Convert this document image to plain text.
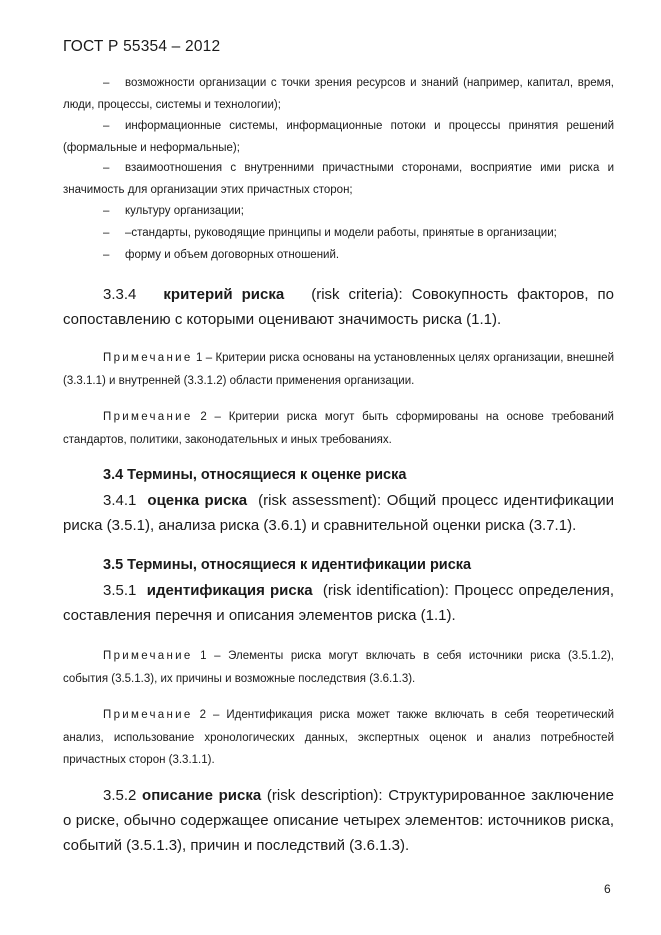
ГОСТ Р 55354 – 2012
– возможности организации с точки зрения ресурсов и знаний (например, капитал, время, люди, процессы, системы и технологии);
– информационные системы, информационные потоки и процессы принятия решений (формальные и неформальные);
– взаимоотношения с внутренними причастными сторонами, восприятие ими риска и значимость для организации этих причастных сторон;
– культуру организации;
– –стандарты, руководящие принципы и модели работы, принятые в организации;
– форму и объем договорных отношений.
3.3.4 критерий риска (risk criteria): Совокупность факторов, по сопоставлению с которыми оценивают значимость риска (1.1).
Примечание 1 – Критерии риска основаны на установленных целях организации, внешней (3.3.1.1) и внутренней (3.3.1.2) области применения организации.
Примечание 2 – Критерии риска могут быть сформированы на основе требований стандартов, политики, законодательных и иных требованиях.
3.4 Термины, относящиеся к оценке риска
3.4.1 оценка риска (risk assessment): Общий процесс идентификации риска (3.5.1), анализа риска (3.6.1) и сравнительной оценки риска (3.7.1).
3.5 Термины, относящиеся к идентификации риска
3.5.1 идентификация риска (risk identification): Процесс определения, составления перечня и описания элементов риска (1.1).
Примечание 1 – Элементы риска могут включать в себя источники риска (3.5.1.2), события (3.5.1.3), их причины и возможные последствия (3.6.1.3).
Примечание 2 – Идентификация риска может также включать в себя теоретический анализ, использование хронологических данных, экспертных оценок и анализ потребностей причастных сторон (3.3.1.1).
3.5.2 описание риска (risk description): Структурированное заключение о риске, обычно содержащее описание четырех элементов: источников риска, событий (3.5.1.3), причин и последствий (3.6.1.3).
6
